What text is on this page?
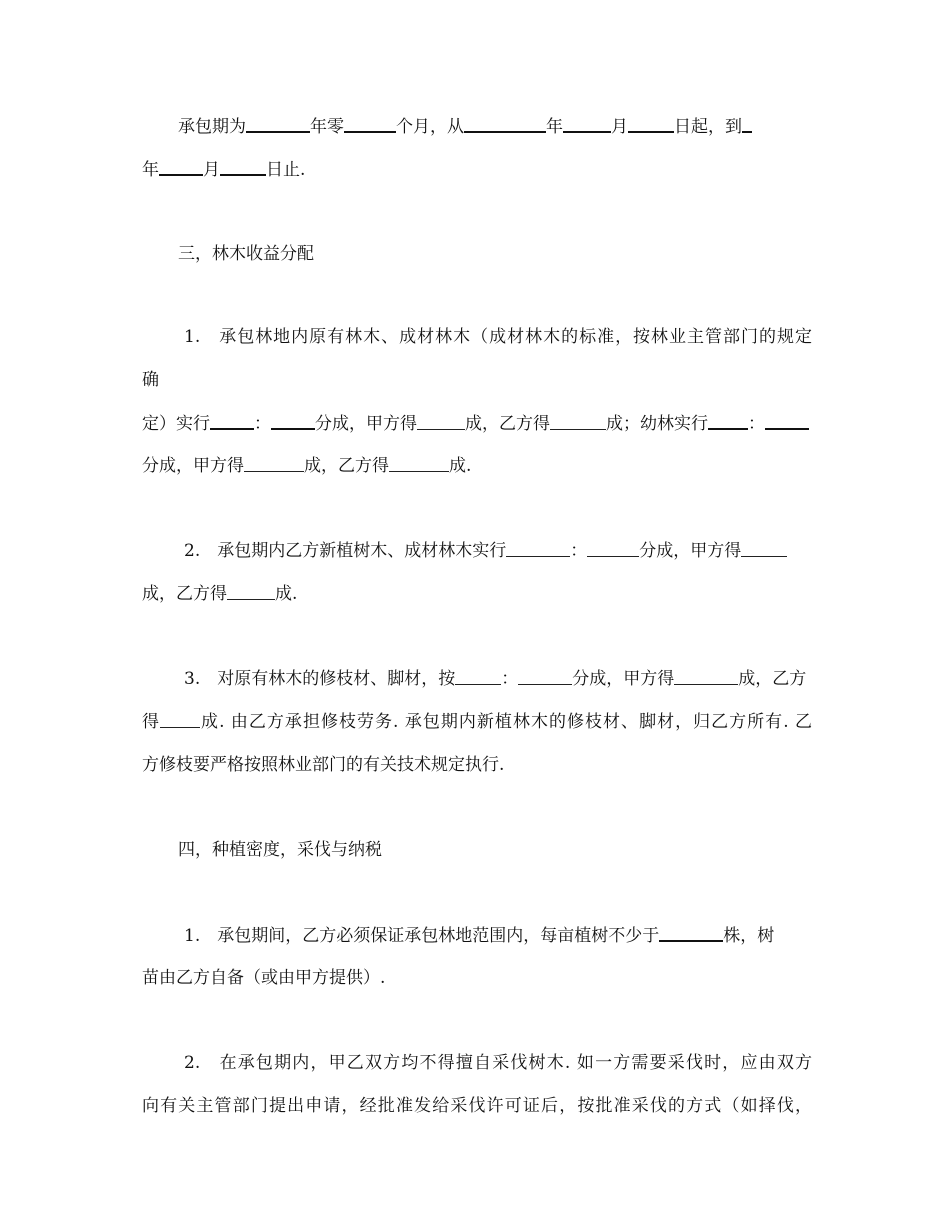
承包期为	年零	个月，从	年	月	日起，到

年	月	日止.

三，林木收益分配

1.　承包林地内原有林木、成材林木（成材林木的标准，按林业主管部门的规定

确

定）实行	：	分成，甲方得	成，乙方得	成；幼林实行 ：

分成，甲方得	成，乙方得	成.

2.　承包期内乙方新植树木、成材林木实行	：	分成，甲方得

成，乙方得	成.

3.　对原有林木的修枝材、脚材，按	：	分成，甲方得	成，乙方

得 成. 由乙方承担修枝劳务. 承包期内新植林木的修枝材、脚材，归乙方所有. 乙

方修枝要严格按照林业部门的有关技术规定执行.

四，种植密度，采伐与纳税

1.　承包期间，乙方必须保证承包林地范围内，每亩植树不少于	株，树

苗由乙方自备（或由甲方提供）.

2.　在承包期内，甲乙双方均不得擅自采伐树木. 如一方需要采伐时，应由双方

向有关主管部门提出申请，经批准发给采伐许可证后，按批准采伐的方式（如择伐，
